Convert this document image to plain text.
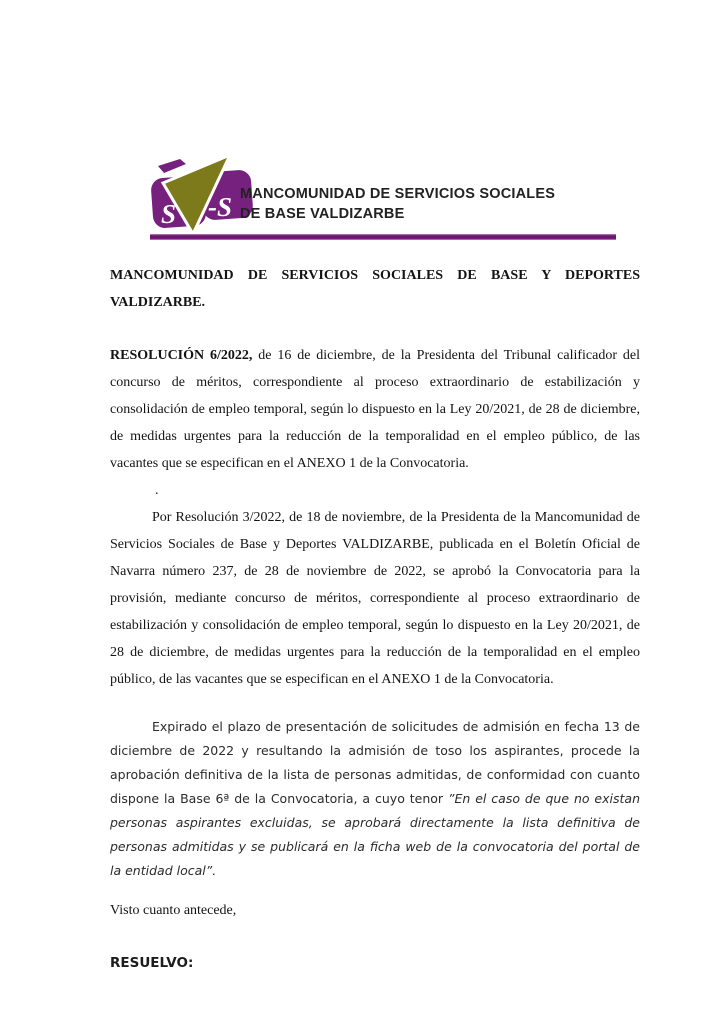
S -S MANCOMUNIDAD DE SERVICIOS SOCIALES
DE BASE VALDIZARBE

MANCOMUNIDAD DE SERVICIOS SOCIALES DE BASE Y DEPORTES VALDIZARBE.

RESOLUCIÓN 6/2022, de 16 de diciembre, de la Presidenta del Tribunal calificador del concurso de méritos, correspondiente al proceso extraordinario de estabilización y consolidación de empleo temporal, según lo dispuesto en la Ley 20/2021, de 28 de diciembre, de medidas urgentes para la reducción de la temporalidad en el empleo público, de las vacantes que se especifican en el ANEXO 1 de la Convocatoria.

.

Por Resolución 3/2022, de 18 de noviembre, de la Presidenta de la Mancomunidad de Servicios Sociales de Base y Deportes VALDIZARBE, publicada en el Boletín Oficial de Navarra número 237, de 28 de noviembre de 2022, se aprobó la Convocatoria para la provisión, mediante concurso de méritos, correspondiente al proceso extraordinario de estabilización y consolidación de empleo temporal, según lo dispuesto en la Ley 20/2021, de 28 de diciembre, de medidas urgentes para la reducción de la temporalidad en el empleo público, de las vacantes que se especifican en el ANEXO 1 de la Convocatoria.

Expirado el plazo de presentación de solicitudes de admisión en fecha 13 de diciembre de 2022 y resultando la admisión de toso los aspirantes, procede la aprobación definitiva de la lista de personas admitidas, de conformidad con cuanto dispone la Base 6ª de la Convocatoria, a cuyo tenor ”En el caso de que no existan personas aspirantes excluidas, se aprobará directamente la lista definitiva de personas admitidas y se publicará en la ficha web de la convocatoria del portal de la entidad local”.

Visto cuanto antecede,

RESUELVO:
